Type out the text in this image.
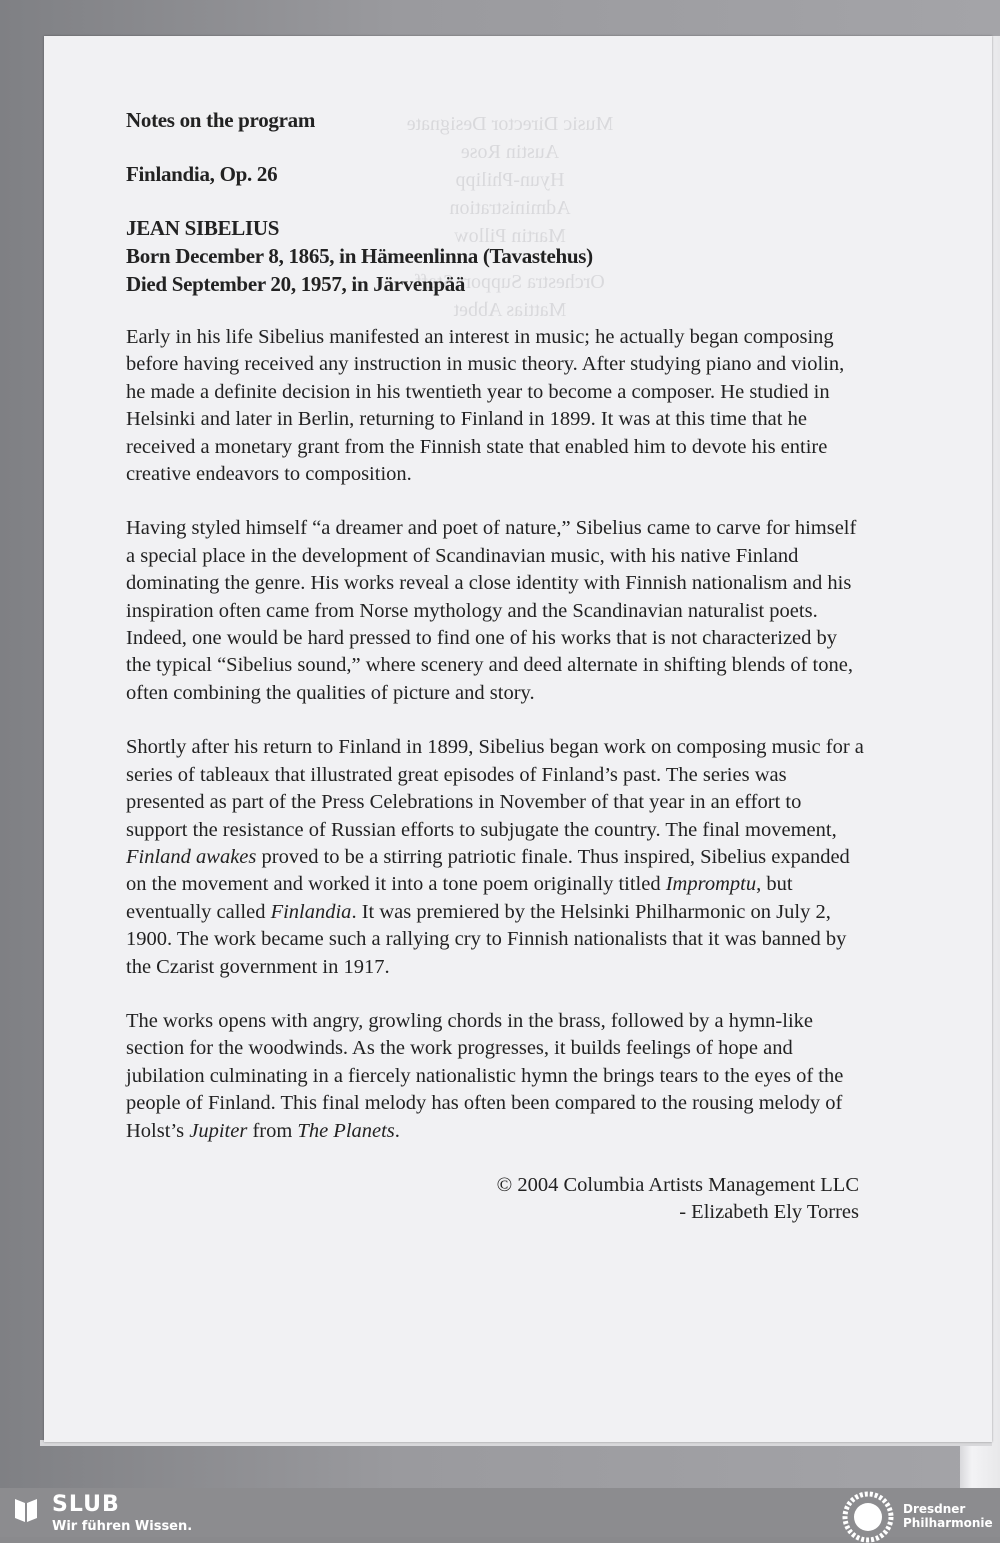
Music Director Designate
Austin Rose
Hyun-Philipp
Administration
Martin Pillow
Orchestra Support Staff
Mattias Abbet

Notes on the program

Finlandia, Op. 26

JEAN SIBELIUS

Born December 8, 1865, in Hämeenlinna (Tavastehus)

Died September 20, 1957, in Järvenpää

Early in his life Sibelius manifested an interest in music; he actually began composing before having received any instruction in music theory. After studying piano and violin, he made a definite decision in his twentieth year to become a composer. He studied in Helsinki and later in Berlin, returning to Finland in 1899. It was at this time that he received a monetary grant from the Finnish state that enabled him to devote his entire creative endeavors to composition.

Having styled himself “a dreamer and poet of nature,” Sibelius came to carve for himself a special place in the development of Scandinavian music, with his native Finland dominating the genre. His works reveal a close identity with Finnish nationalism and his inspiration often came from Norse mythology and the Scandinavian naturalist poets. Indeed, one would be hard pressed to find one of his works that is not characterized by the typical “Sibelius sound,” where scenery and deed alternate in shifting blends of tone, often combining the qualities of picture and story.

Shortly after his return to Finland in 1899, Sibelius began work on composing music for a series of tableaux that illustrated great episodes of Finland’s past. The series was presented as part of the Press Celebrations in November of that year in an effort to support the resistance of Russian efforts to subjugate the country. The final movement, Finland awakes proved to be a stirring patriotic finale. Thus inspired, Sibelius expanded on the movement and worked it into a tone poem originally titled Impromptu, but eventually called Finlandia. It was premiered by the Helsinki Philharmonic on July 2, 1900. The work became such a rallying cry to Finnish nationalists that it was banned by the Czarist government in 1917.

The works opens with angry, growling chords in the brass, followed by a hymn-like section for the woodwinds. As the work progresses, it builds feelings of hope and jubilation culminating in a fiercely nationalistic hymn the brings tears to the eyes of the people of Finland. This final melody has often been compared to the rousing melody of Holst’s Jupiter from The Planets.

© 2004 Columbia Artists Management LLC
- Elizabeth Ely Torres
SLUB
Wir führen Wissen.
Dresdner
Philharmonie
